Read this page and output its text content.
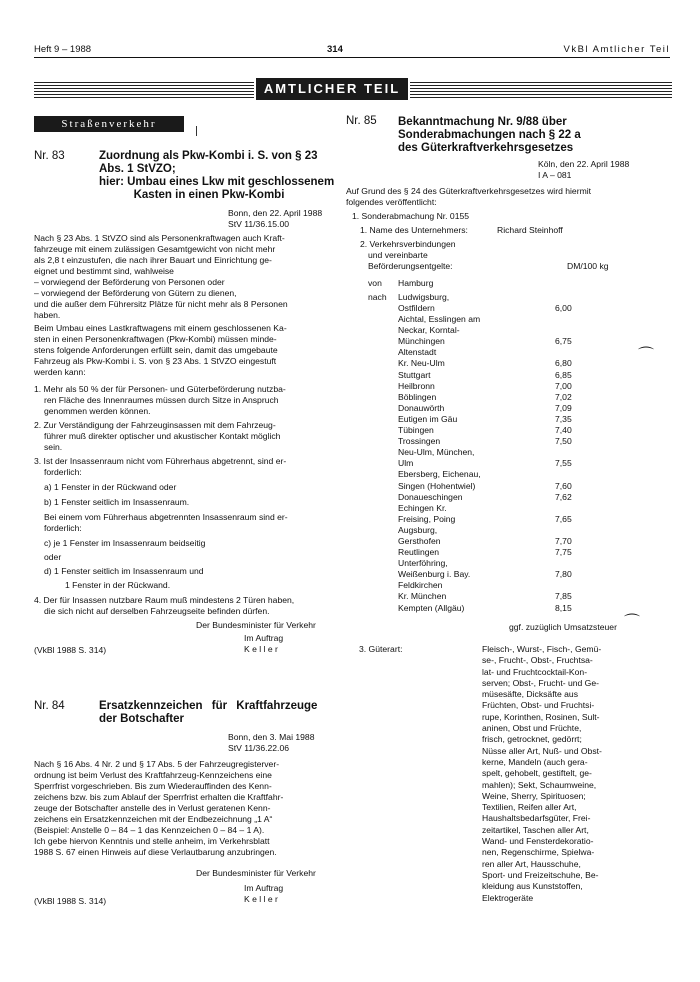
Heft 9 – 1988	314	VkBl Amtlicher Teil
AMTLICHER TEIL
Straßenverkehr
Nr. 83	Zuordnung als Pkw-Kombi i. S. von § 23
Abs. 1 StVZO;
hier: Umbau eines Lkw mit geschlossenem
Kasten in einen Pkw-Kombi
Bonn, den 22. April 1988
StV 11/36.15.00
Nach § 23 Abs. 1 StVZO sind als Personenkraftwagen auch Kraft-
fahrzeuge mit einem zulässigen Gesamtgewicht von nicht mehr
als 2,8 t einzustufen, die nach ihrer Bauart und Einrichtung ge-
eignet und bestimmt sind, wahlweise
– vorwiegend der Beförderung von Personen oder
– vorwiegend der Beförderung von Gütern zu dienen,
und die außer dem Führersitz Plätze für nicht mehr als 8 Personen
haben.
Beim Umbau eines Lastkraftwagens mit einem geschlossenen Ka-
sten in einen Personenkraftwagen (Pkw-Kombi) müssen minde-
stens folgende Anforderungen erfüllt sein, damit das umgebaute
Fahrzeug als Pkw-Kombi i. S. von § 23 Abs. 1 StVZO eingestuft
werden kann:
1. Mehr als 50 % der für Personen- und Güterbeförderung nutzba-
ren Fläche des Innenraumes müssen durch Sitze in Anspruch
genommen werden können.
2. Zur Verständigung der Fahrzeuginsassen mit dem Fahrzeug-
führer muß direkter optischer und akustischer Kontakt möglich
sein.
3. Ist der Insassenraum nicht vom Führerhaus abgetrennt, sind er-
forderlich:
a) 1 Fenster in der Rückwand oder
b) 1 Fenster seitlich im Insassenraum.
Bei einem vom Führerhaus abgetrennten Insassenraum sind er-
forderlich:
c) je 1 Fenster im Insassenraum beidseitig
oder
d) 1 Fenster seitlich im Insassenraum und
1 Fenster in der Rückwand.
4. Der für Insassen nutzbare Raum muß mindestens 2 Türen haben,
die sich nicht auf derselben Fahrzeugseite befinden dürfen.
Der Bundesminister für Verkehr
Im Auftrag
(VkBl 1988 S. 314)	K e l l e r
Nr. 84	Ersatzkennzeichen für Kraftfahrzeuge
der Botschafter
Bonn, den 3. Mai 1988
StV 11/36.22.06
Nach § 16 Abs. 4 Nr. 2 und § 17 Abs. 5 der Fahrzeugregisterver-
ordnung ist beim Verlust des Kraftfahrzeug-Kennzeichens eine
Sperrfrist vorgeschrieben. Bis zum Wiederauffinden des Kenn-
zeichens bzw. bis zum Ablauf der Sperrfrist erhalten die Kraftfahr-
zeuge der Botschafter anstelle des in Verlust geratenen Kenn-
zeichens ein Ersatzkennzeichen mit der Endbezeichnung „1 A“
(Beispiel: Anstelle 0 – 84 – 1 das Kennzeichen 0 – 84 – 1 A).
Ich gebe hiervon Kenntnis und stelle anheim, im Verkehrsblatt
1988 S. 67 einen Hinweis auf diese Verlautbarung anzubringen.
Der Bundesminister für Verkehr
Im Auftrag
(VkBl 1988 S. 314)	K e l l e r
Nr. 85 Bekanntmachung Nr. 9/88 über
Sonderabmachungen nach § 22 a
des Güterkraftverkehrsgesetzes
Köln, den 22. April 1988
I A – 081
Auf Grund des § 24 des Güterkraftverkehrsgesetzes wird hiermit
folgendes veröffentlicht:
1. Sonderabmachung Nr. 0155
1. Name des Unternehmers:	Richard Steinhoff
2. Verkehrsverbindungen
und vereinbarte
Beförderungsentgelte:	DM/100 kg
von Hamburg
nach Ludwigsburg,
Ostfildern	6,00
Aichtal, Esslingen am
Neckar, Korntal-
Münchingen	6,75
Altenstadt
Kr. Neu-Ulm	6,80
Stuttgart	6,85
Heilbronn	7,00
Böblingen	7,02
Donauwörth	7,09
Eutigen im Gäu	7,35
Tübingen	7,40
Trossingen	7,50
Neu-Ulm, München,
Ulm	7,55
Ebersberg, Eichenau,
Singen (Hohentwiel)	7,60
Donaueschingen	7,62
Echingen Kr.
Freising, Poing	7,65
Augsburg,
Gersthofen	7,70
Reutlingen	7,75
Unterföhring,
Weißenburg i. Bay.	7,80
Feldkirchen
Kr. München	7,85
Kempten (Allgäu)	8,15
ggf. zuzüglich Umsatzsteuer
⌒
⌒
3. Güterart:	Fleisch-, Wurst-, Fisch-, Gemü-
se-, Frucht-, Obst-, Fruchtsa-
lat- und Fruchtcocktail-Kon-
serven; Obst-, Frucht- und Ge-
müsesäfte, Dicksäfte aus
Früchten, Obst- und Fruchtsi-
rupe, Korinthen, Rosinen, Sult-
aninen, Obst und Früchte,
frisch, getrocknet, gedörrt;
Nüsse aller Art, Nuß- und Obst-
kerne, Mandeln (auch gera-
spelt, gehobelt, gestiftelt, ge-
mahlen); Sekt, Schaumweine,
Weine, Sherry, Spirituosen;
Textilien, Reifen aller Art,
Haushaltsbedarfsgüter, Frei-
zeitartikel, Taschen aller Art,
Wand- und Fensterdekoratio-
nen, Regenschirme, Spielwa-
ren aller Art, Hausschuhe,
Sport- und Freizeitschuhe, Be-
kleidung aus Kunststoffen,
Elektrogeräte
